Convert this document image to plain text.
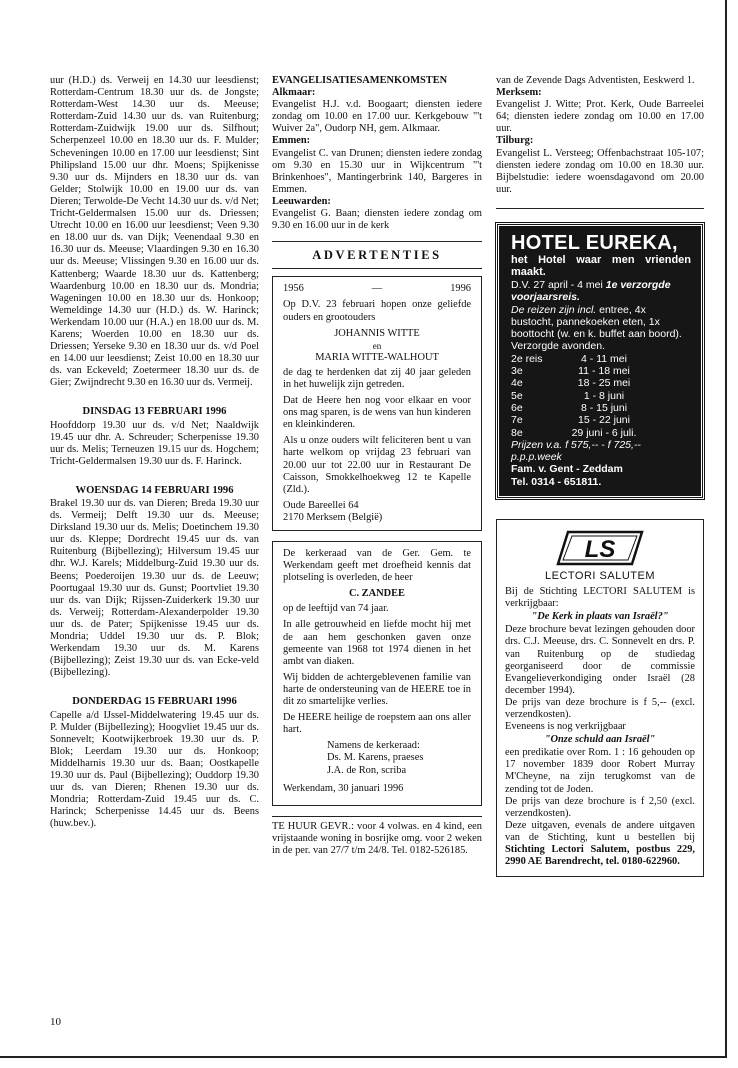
uur (H.D.) ds. Verweij en 14.30 uur leesdienst; Rotterdam-Centrum 18.30 uur ds. de Jongste; Rotterdam-West 14.30 uur ds. Meeuse; Rotterdam-Zuid 14.30 uur ds. van Ruitenburg; Rotterdam-Zuidwijk 19.00 uur ds. Silfhout; Scherpenzeel 10.00 en 18.30 uur ds. F. Mulder; Scheveningen 10.00 en 17.00 uur leesdienst; Sint Philipsland 15.00 uur dhr. Moens; Spijkenisse 9.30 uur ds. Mijnders en 18.30 uur ds. van Gelder; Stolwijk 10.00 en 19.00 uur ds. van Dieren; Terwolde-De Vecht 14.30 uur ds. v/d Net; Tricht-Geldermalsen 15.00 uur ds. Driessen; Utrecht 10.00 en 16.00 uur leesdienst; Veen 9.30 en 18.00 uur ds. van Dijk; Veenendaal 9.30 en 16.30 uur ds. Meeuse; Vlaardingen 9.30 en 16.30 uur ds. Meeuse; Vlissingen 9.30 en 16.00 uur ds. Kattenberg; Waarde 18.30 uur ds. Kattenberg; Waardenburg 10.00 en 18.30 uur ds. Mondria; Wageningen 10.00 en 18.30 uur ds. Honkoop; Wemeldinge 14.30 uur (H.D.) ds. W. Harinck; Werkendam 10.00 uur (H.A.) en 18.00 uur ds. M. Karens; Woerden 10.00 en 18.30 uur ds. Driessen; Yerseke 9.30 en 18.30 uur ds. v/d Poel en 14.00 uur leesdienst; Zeist 10.00 en 18.30 uur ds. van Eckeveld; Zoetermeer 18.30 uur ds. de Gier; Zwijndrecht 9.30 en 16.30 uur ds. Vermeij.

DINSDAG 13 FEBRUARI 1996

Hoofddorp 19.30 uur ds. v/d Net; Naaldwijk 19.45 uur dhr. A. Schreuder; Scherpenisse 19.30 uur ds. Melis; Terneuzen 19.15 uur ds. Hogchem; Tricht-Geldermalsen 19.30 uur ds. F. Harinck.

WOENSDAG 14 FEBRUARI 1996

Brakel 19.30 uur ds. van Dieren; Breda 19.30 uur ds. Vermeij; Delft 19.30 uur ds. Meeuse; Dirksland 19.30 uur ds. Melis; Doetinchem 19.30 uur ds. Kleppe; Dordrecht 19.45 uur ds. van Ruitenburg (Bijbellezing); Hilversum 19.45 uur dhr. W.J. Karels; Middelburg-Zuid 19.30 uur ds. Beens; Poederoijen 19.30 uur ds. de Leeuw; Poortugaal 19.30 uur ds. Gunst; Poortvliet 19.30 uur ds. van Dijk; Rijssen-Zuiderkerk 19.30 uur ds. Verweij; Rotterdam-Alexanderpolder 19.30 uur ds. de Pater; Spijkenisse 19.45 uur ds. Mondria; Uddel 19.30 uur ds. P. Blok; Werkendam 19.30 uur ds. M. Karens (Bijbellezing); Zeist 19.30 uur ds. van Ecke-veld (Bijbellezing).

DONDERDAG 15 FEBRUARI 1996

Capelle a/d IJssel-Middelwatering 19.45 uur ds. P. Mulder (Bijbellezing); Hoogvliet 19.45 uur ds. Sonnevelt; Kootwijkerbroek 19.30 uur ds. P. Blok; Leerdam 19.30 uur ds. Honkoop; Middelharnis 19.30 uur ds. Baan; Oostkapelle 19.30 uur ds. Paul (Bijbellezing); Ouddorp 19.30 uur ds. van Dieren; Rhenen 19.30 uur ds. Mondria; Rotterdam-Zuid 19.45 uur ds. C. Harinck; Scherpenisse 14.45 uur ds. Beens (huw.bev.).

EVANGELISATIESAMENKOMSTEN

Alkmaar:

Evangelist H.J. v.d. Boogaart; diensten iedere zondag om 10.00 en 17.00 uur. Kerkgebouw "'t Wuiver 2a", Oudorp NH, gem. Alkmaar.

Emmen:

Evangelist C. van Drunen; diensten iedere zondag om 9.30 en 15.30 uur in Wijkcentrum "'t Brinkenhoes", Mantingerbrink 140, Bargeres in Emmen.

Leeuwarden:

Evangelist G. Baan; diensten iedere zondag om 9.30 en 16.00 uur in de kerk

ADVERTENTIES
1956	—	1996

Op D.V. 23 februari hopen onze geliefde ouders en grootouders

JOHANNIS WITTE

en

MARIA WITTE-WALHOUT

de dag te herdenken dat zij 40 jaar geleden in het huwelijk zijn getreden.

Dat de Heere hen nog voor elkaar en voor ons mag sparen, is de wens van hun kinderen en kleinkinderen.

Als u onze ouders wilt feliciteren bent u van harte welkom op vrijdag 23 februari van 20.00 uur tot 22.00 uur in Restaurant De Caisson, Smokkelhoekweg 12 te Kapelle (Zld.).

Oude Bareellei 64

2170 Merksem (België)

De kerkeraad van de Ger. Gem. te Werkendam geeft met droefheid kennis dat plotseling is overleden, de heer

C. ZANDEE

op de leeftijd van 74 jaar.

In alle getrouwheid en liefde mocht hij met de aan hem geschonken gaven onze gemeente van 1968 tot 1974 dienen in het ambt van diaken.

Wij bidden de achtergeblevenen familie van harte de ondersteuning van de HEERE toe in dit zo smartelijke verlies.

De HEERE heilige de roepstem aan ons aller hart.

Namens de kerkeraad:

Ds. M. Karens, praeses

J.A. de Ron, scriba

Werkendam, 30 januari 1996

TE HUUR GEVR.: voor 4 volwas. en 4 kind, een vrijstaande woning in bosrijke omg. voor 2 weken in de per. van 27/7 t/m 24/8. Tel. 0182-526185.

van de Zevende Dags Adventisten, Eeskwerd 1.

Merksem:

Evangelist J. Witte; Prot. Kerk, Oude Barreelei 64; diensten iedere zondag om 10.00 en 17.00 uur.

Tilburg:

Evangelist L. Versteeg; Offenbachstraat 105-107; diensten iedere zondag om 10.00 en 18.30 uur. Bijbelstudie: iedere woensdagavond om 20.00 uur.

HOTEL EUREKA,

het Hotel waar men vrienden maakt.

D.V. 27 april - 4 mei 1e verzorgde voorjaarsreis.

De reizen zijn incl. entree, 4x bustocht, pannekoeken eten, 1x boottocht (w. en k. buffet aan boord). Verzorgde avonden.

2e reis	4 - 11 mei
3e	11 - 18 mei
4e	18 - 25 mei
5e	1 - 8 juni
6e	8 - 15 juni
7e	15 - 22 juni
8e	29 juni - 6 juli.

Prijzen v.a. f 575,-- - f 725,-- p.p.p.week

Fam. v. Gent - Zeddam

Tel. 0314 - 651811.

LS

LECTORI SALUTEM

Bij de Stichting LECTORI SALUTEM is verkrijgbaar:

"De Kerk in plaats van Israël?"

Deze brochure bevat lezingen gehouden door drs. C.J. Meeuse, drs. C. Sonnevelt en drs. P. van Ruitenburg op de studiedag georganiseerd door de commissie Evangelieverkondiging onder Israël (28 december 1994).

De prijs van deze brochure is f 5,-- (excl. verzendkosten).

Eveneens is nog verkrijgbaar

"Onze schuld aan Israël"

een predikatie over Rom. 1 : 16 gehouden op 17 november 1839 door Robert Murray M'Cheyne, na zijn terugkomst van de zending tot de Joden.

De prijs van deze brochure is f 2,50 (excl. verzendkosten).

Deze uitgaven, evenals de andere uitgaven van de Stichting, kunt u bestellen bij Stichting Lectori Salutem, postbus 229, 2990 AE Barendrecht, tel. 0180-622960.

10
